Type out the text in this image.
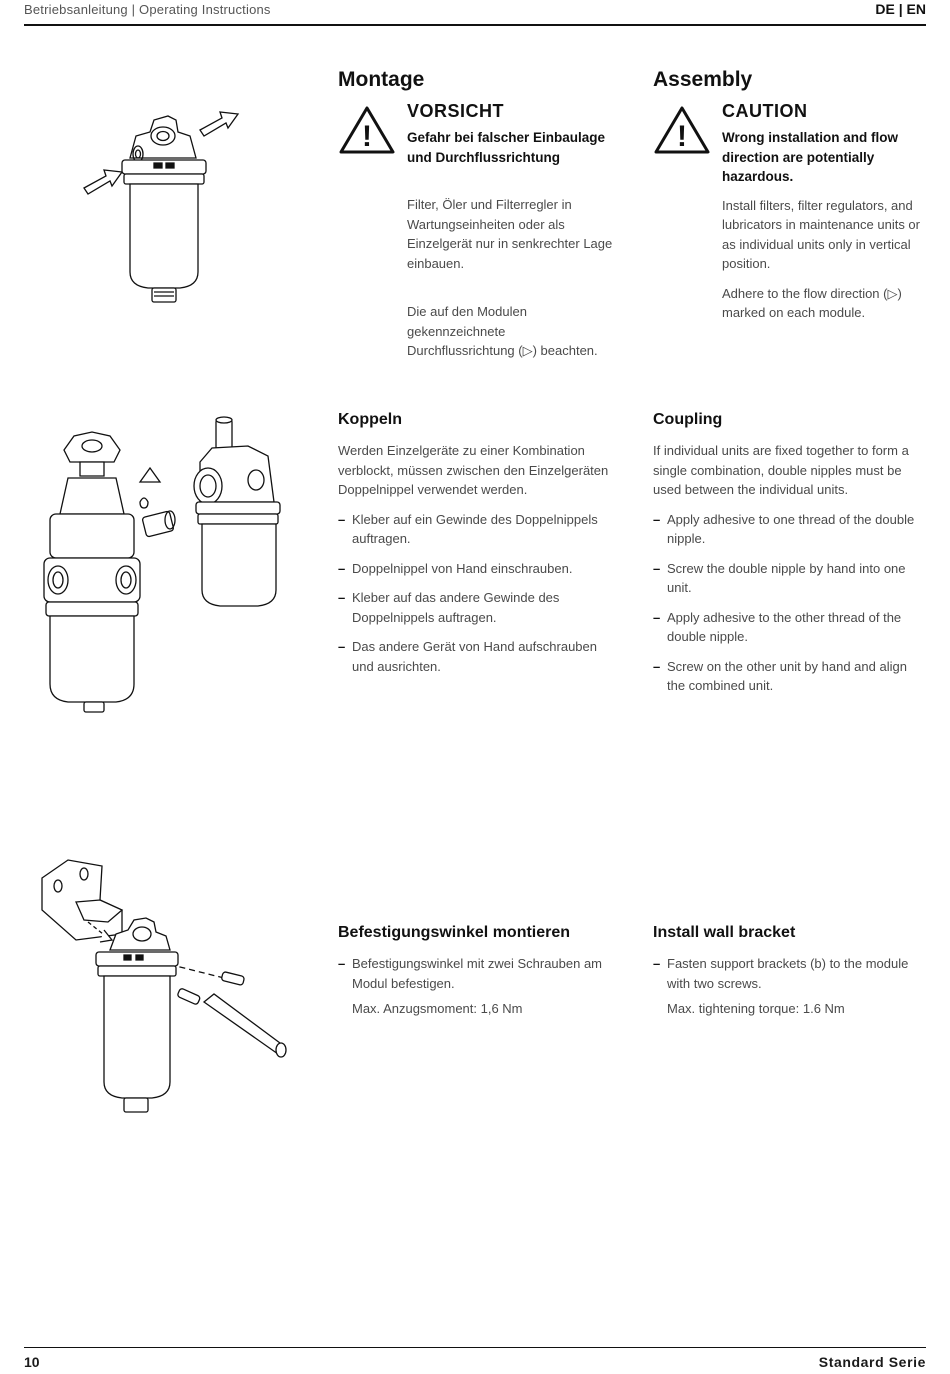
Betriebsanleitung | Operating Instructions	DE | EN
Montage
!
VORSICHT
Gefahr bei falscher Einbaulage und Durchflussrichtung

Filter, Öler und Filterregler in Wartungseinheiten oder als Einzelgerät nur in senkrechter Lage einbauen.

Die auf den Modulen gekennzeichnete Durchflussrichtung (▷) beachten.

Assembly
!
CAUTION
Wrong installation and flow direction are potentially hazardous.

Install filters, filter regulators, and lubricators in maintenance units or as individual units only in vertical position.

Adhere to the flow direction (▷) marked on each module.

Koppeln

Werden Einzelgeräte zu einer Kombination verblockt, müssen zwischen den Einzelgeräten Doppelnippel verwendet werden.

– Kleber auf ein Gewinde des Doppelnippels auftragen.
– Doppelnippel von Hand einschrauben.
– Kleber auf das andere Gewinde des Doppelnippels auftragen.
– Das andere Gerät von Hand aufschrauben und ausrichten.
Coupling

If individual units are fixed together to form a single combination, double nipples must be used between the individual units.

– Apply adhesive to one thread of the double nipple.
– Screw the double nipple by hand into one unit.
– Apply adhesive to the other thread of the double nipple.
– Screw on the other unit by hand and align the combined unit.
Befestigungswinkel montieren
– Befestigungswinkel mit zwei Schrauben am Modul befestigen.
Max. Anzugsmoment: 1,6 Nm
Install wall bracket
– Fasten support brackets (b) to the module with two screws.
Max. tightening torque: 1.6 Nm
10	Standard Serie
